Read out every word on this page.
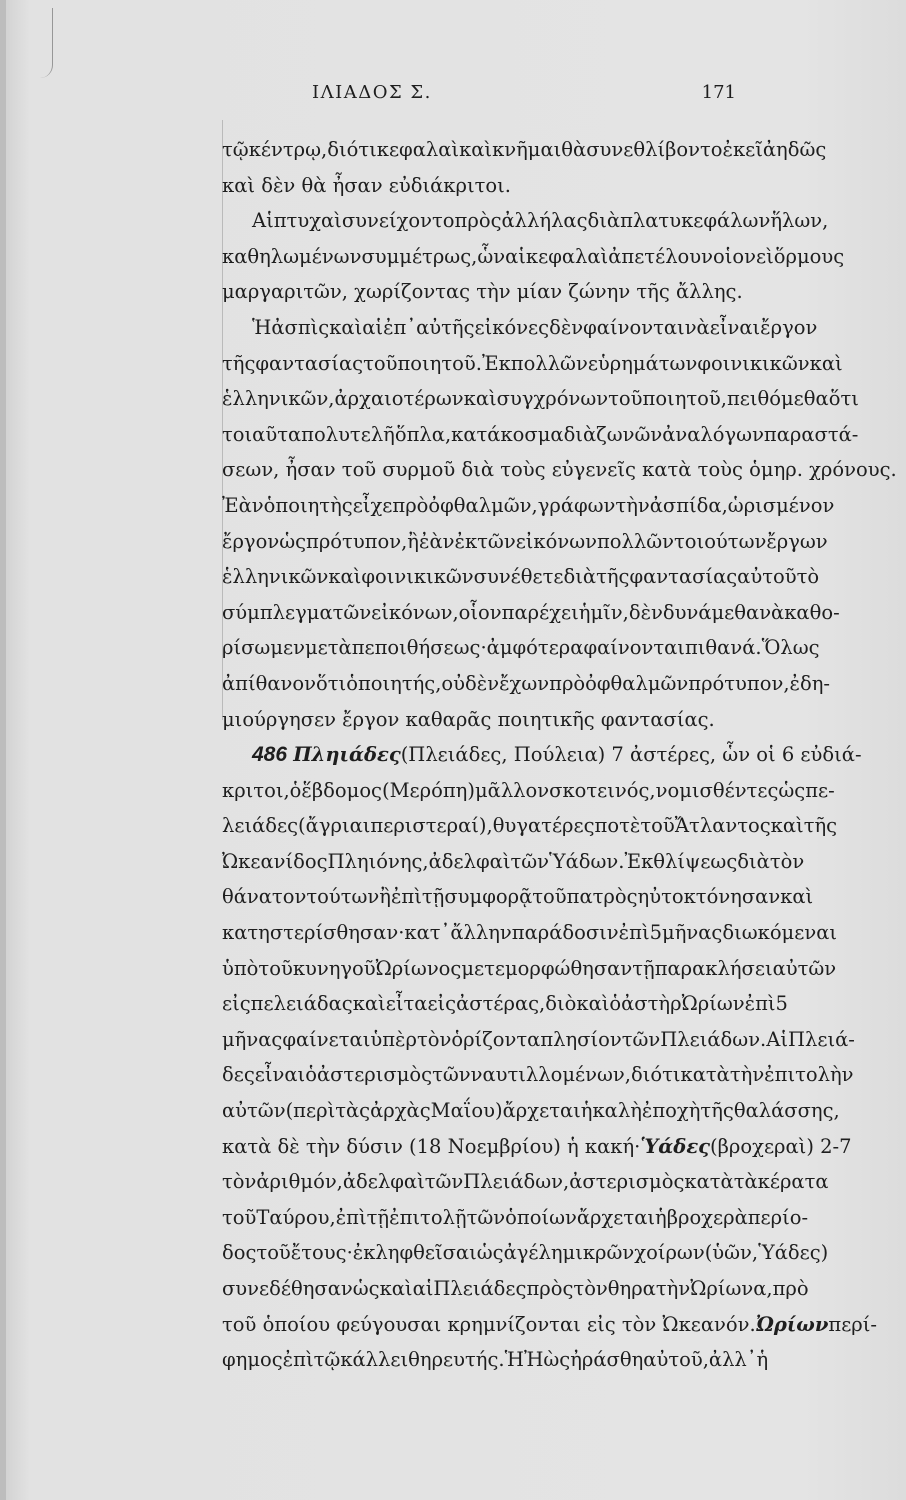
ΙΛΙΑΔΟΣ Σ.	171
τῷ κέντρῳ, διότι κεφαλαὶ καὶ κνῆμαι θὰ συνεθλίβοντο ἐκεῖ ἀηδῶς
καὶ δὲν θὰ ἦσαν εὐδιάκριτοι.
Αἱ πτυχαὶ συνείχοντο πρὸς ἀλλήλας διὰ πλατυκεφάλων ἥλων,
καθηλωμένων συμμέτρως, ὧν αἱ κεφαλαὶ ἀπετέλουν οἱονεὶ ὅρμους
μαργαριτῶν, χωρίζοντας τὴν μίαν ζώνην τῆς ἄλλης.
Ἡ ἀσπὶς καὶ αἱ ἐπ᾽ αὐτῆς εἰκόνες δὲν φαίνονται νὰ εἶναι ἔργον
τῆς φαντασίας τοῦ ποιητοῦ. Ἐκ πολλῶν εὑρημάτων φοινικικῶν καὶ
ἑλληνικῶν, ἀρχαιοτέρων καὶ συγχρόνων τοῦ ποιητοῦ, πειθόμεθα ὅτι
τοιαῦτα πολυτελῆ ὅπλα, κατάκοσμα διὰ ζωνῶν ἀναλόγων παραστά-
σεων, ἦσαν τοῦ συρμοῦ διὰ τοὺς εὐγενεῖς κατὰ τοὺς ὁμηρ. χρόνους.
Ἐὰν ὁ ποιητὴς εἶχε πρὸ ὀφθαλμῶν, γράφων τὴν ἀσπίδα, ὡρισμένον
ἔργον ὡς πρότυπον, ἢ ἐὰν ἐκ τῶν εἰκόνων πολλῶν τοιούτων ἔργων
ἑλληνικῶν καὶ φοινικικῶν συνέθετε διὰ τῆς φαντασίας αὐτοῦ τὸ
σύμπλεγμα τῶν εἰκόνων, οἷον παρέχει ἡμῖν, δὲν δυνάμεθα νὰ καθο-
ρίσωμεν μετὰ πεποιθήσεως· ἀμφότερα φαίνονται πιθανά. Ὅλως
ἀπίθανον ὅτι ὁ ποιητής, οὐδὲν ἔχων πρὸ ὀφθαλμῶν πρότυπον, ἐδη-
μιούργησεν ἔργον καθαρᾶς ποιητικῆς φαντασίας.
486 Πληιάδες (Πλειάδες, Πούλεια) 7 ἀστέρες, ὧν οἱ 6 εὐδιά-
κριτοι, ὁ ἕβδομος (Μερόπη) μᾶλλον σκοτεινός, νομισθέντες ὡς πε-
λειάδες (ἄγριαι περιστεραί), θυγατέρες ποτὲ τοῦ Ἄτλαντος καὶ τῆς
Ὠκεανίδος Πληιόνης, ἀδελφαὶ τῶν Ὑάδων. Ἐκ θλίψεως διὰ τὸν
θάνατον τούτων ἢ ἐπὶ τῇ συμφορᾷ τοῦ πατρὸς ηὐτοκτόνησαν καὶ
κατηστερίσθησαν· κατ᾽ ἄλλην παράδοσιν ἐπὶ 5 μῆνας διωκόμεναι
ὑπὸ τοῦ κυνηγοῦ Ὠρίωνος μετεμορφώθησαν τῇ παρακλήσει αὐτῶν
εἰς πελειάδας καὶ εἶτα εἰς ἀστέρας, διὸ καὶ ὁ ἀστὴρ Ὠρίων ἐπὶ 5
μῆνας φαίνεται ὑπὲρ τὸν ὁρίζοντα πλησίον τῶν Πλειάδων. Αἱ Πλειά-
δες εἶναι ὁ ἀστερισμὸς τῶν ναυτιλλομένων, διότι κατὰ τὴν ἐπιτολὴν
αὐτῶν (περὶ τὰς ἀρχὰς Μαΐου) ἄρχεται ἡ καλὴ ἐποχὴ τῆς θαλάσσης,
κατὰ δὲ τὴν δύσιν (18 Νοεμβρίου) ἡ κακή· Ὑάδες (βροχεραὶ) 2-7
τὸν ἀριθμόν, ἀδελφαὶ τῶν Πλειάδων, ἀστερισμὸς κατὰ τὰ κέρατα
τοῦ Ταύρου, ἐπὶ τῇ ἐπιτολῇ τῶν ὁποίων ἄρχεται ἡ βροχερὰ περίο-
δος τοῦ ἔτους· ἐκληφθεῖσαι ὡς ἀγέλη μικρῶν χοίρων (ὑῶν, Ὑάδες)
συνεδέθησαν ὡς καὶ αἱ Πλειάδες πρὸς τὸν θηρατὴν Ὠρίωνα, πρὸ
τοῦ ὁποίου φεύγουσαι κρημνίζονται εἰς τὸν Ὠκεανόν. Ὠρίων περί-
φημος ἐπὶ τῷ κάλλει θηρευτής. Ἡ Ἠὼς ἠράσθη αὐτοῦ, ἀλλ᾽ ἡ
